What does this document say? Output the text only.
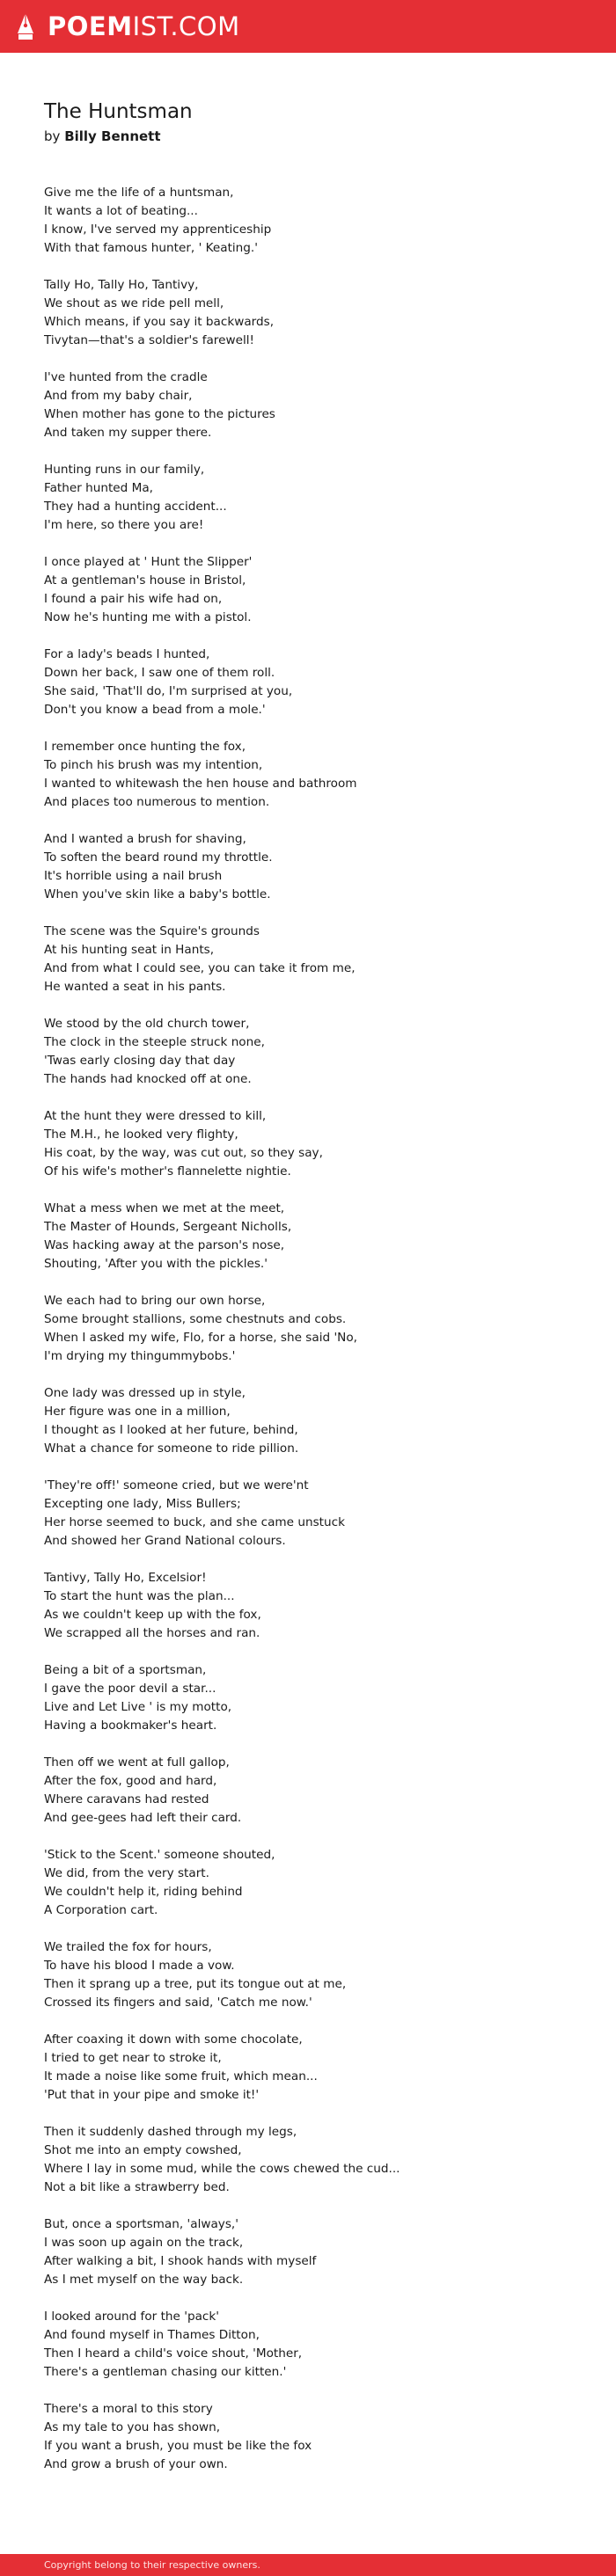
POEM IST.COM
The Huntsman
by Billy Bennett
Give me the life of a huntsman,
It wants a lot of beating...
I know, I've served my apprenticeship
With that famous hunter, ' Keating.'
Tally Ho, Tally Ho, Tantivy,
We shout as we ride pell mell,
Which means, if you say it backwards,
Tivytan—that's a soldier's farewell!
I've hunted from the cradle
And from my baby chair,
When mother has gone to the pictures
And taken my supper there.
Hunting runs in our family,
Father hunted Ma,
They had a hunting accident...
I'm here, so there you are!
I once played at ' Hunt the Slipper'
At a gentleman's house in Bristol,
I found a pair his wife had on,
Now he's hunting me with a pistol.
For a lady's beads I hunted,
Down her back, I saw one of them roll.
She said, 'That'll do, I'm surprised at you,
Don't you know a bead from a mole.'
I remember once hunting the fox,
To pinch his brush was my intention,
I wanted to whitewash the hen house and bathroom
And places too numerous to mention.
And I wanted a brush for shaving,
To soften the beard round my throttle.
It's horrible using a nail brush
When you've skin like a baby's bottle.
The scene was the Squire's grounds
At his hunting seat in Hants,
And from what I could see, you can take it from me,
He wanted a seat in his pants.
We stood by the old church tower,
The clock in the steeple struck none,
'Twas early closing day that day
The hands had knocked off at one.
At the hunt they were dressed to kill,
The M.H., he looked very flighty,
His coat, by the way, was cut out, so they say,
Of his wife's mother's flannelette nightie.
What a mess when we met at the meet,
The Master of Hounds, Sergeant Nicholls,
Was hacking away at the parson's nose,
Shouting, 'After you with the pickles.'
We each had to bring our own horse,
Some brought stallions, some chestnuts and cobs.
When I asked my wife, Flo, for a horse, she said 'No,
I'm drying my thingummybobs.'
One lady was dressed up in style,
Her figure was one in a million,
I thought as I looked at her future, behind,
What a chance for someone to ride pillion.
'They're off!' someone cried, but we were'nt
Excepting one lady, Miss Bullers;
Her horse seemed to buck, and she came unstuck
And showed her Grand National colours.
Tantivy, Tally Ho, Excelsior!
To start the hunt was the plan...
As we couldn't keep up with the fox,
We scrapped all the horses and ran.
Being a bit of a sportsman,
I gave the poor devil a star...
Live and Let Live ' is my motto,
Having a bookmaker's heart.
Then off we went at full gallop,
After the fox, good and hard,
Where caravans had rested
And gee-gees had left their card.
'Stick to the Scent.' someone shouted,
We did, from the very start.
We couldn't help it, riding behind
A Corporation cart.
We trailed the fox for hours,
To have his blood I made a vow.
Then it sprang up a tree, put its tongue out at me,
Crossed its fingers and said, 'Catch me now.'
After coaxing it down with some chocolate,
I tried to get near to stroke it,
It made a noise like some fruit, which mean...
'Put that in your pipe and smoke it!'
Then it suddenly dashed through my legs,
Shot me into an empty cowshed,
Where I lay in some mud, while the cows chewed the cud...
Not a bit like a strawberry bed.
But, once a sportsman, 'always,'
I was soon up again on the track,
After walking a bit, I shook hands with myself
As I met myself on the way back.
I looked around for the 'pack'
And found myself in Thames Ditton,
Then I heard a child's voice shout, 'Mother,
There's a gentleman chasing our kitten.'
There's a moral to this story
As my tale to you has shown,
If you want a brush, you must be like the fox
And grow a brush of your own.
Copyright belong to their respective owners.
